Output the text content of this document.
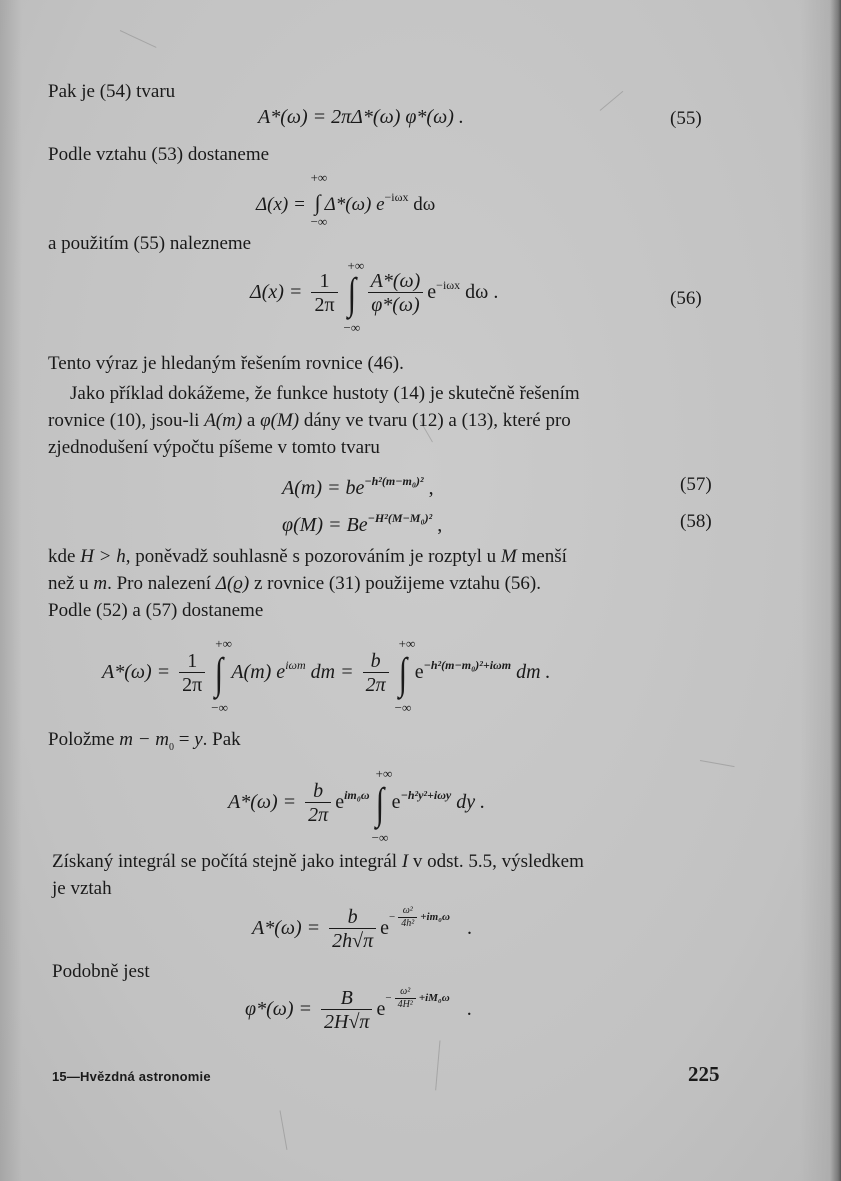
Pak je (54) tvaru
A*(ω) = 2πΔ*(ω) φ*(ω) .	(55)
Podle vztahu (53) dostaneme
Δ(x) = ∫
+∞
−∞
Δ*(ω) $e^{-i\omega x}$ dω
a použitím (55) nalezneme
$\Delta(x) = \frac{1}{2\pi}$ ∫
+∞
−∞
$\frac{A*(\omega)}{\varphi*(\omega)} e^{-i\omega x}$ dω .	(56)
Tento výraz je hledaným řešením rovnice (46).
Jako příklad dokážeme, že funkce hustoty (14) je skutečně řešením
rovnice (10), jsou-li A(m) a φ(M) dány ve tvaru (12) a (13), které pro
zjednodušení výpočtu píšeme v tomto tvaru
$A(m) = be^{-h^2(m-m_0)^2}$ ,	(57)
$\varphi(M) = Be^{-H^2(M-M_0)^2}$ ,	(58)
kde H > h, poněvadž souhlasně s pozorováním je rozptyl u M menší
než u m. Pro nalezení Δ(ϱ) z rovnice (31) použijeme vztahu (56).
Podle (52) a (57) dostaneme
$A*(\omega) = \frac{1}{2\pi}$ ∫
+∞
−∞
A(m) $e^{i\omega m}$ dm = $\frac{b}{2\pi}$ ∫
+∞
−∞
$e^{-h^2(m-m_0)^2+i\omega m}$ dm .
Položme $m - m_0 = y$. Pak
$A*(\omega) = \frac{b}{2\pi} e^{im_0\omega}$ ∫
+∞
−∞
$e^{-h^2y^2+i\omega y}$ dy .
Získaný integrál se počítá stejně jako integrál I v odst. 5.5, výsledkem
je vztah
$A*(\omega) = \frac{b}{2h√\pi} e- \frac{\text{ω²}}{\text{4h²}} +im_0\omega$ .
Podobně jest
$\varphi*(\omega) = \frac{B}{2H√\pi} e- \frac{\text{ω²}}{\text{4H²}} +iM_0\omega$ .
15—Hvězdná astronomie	225
